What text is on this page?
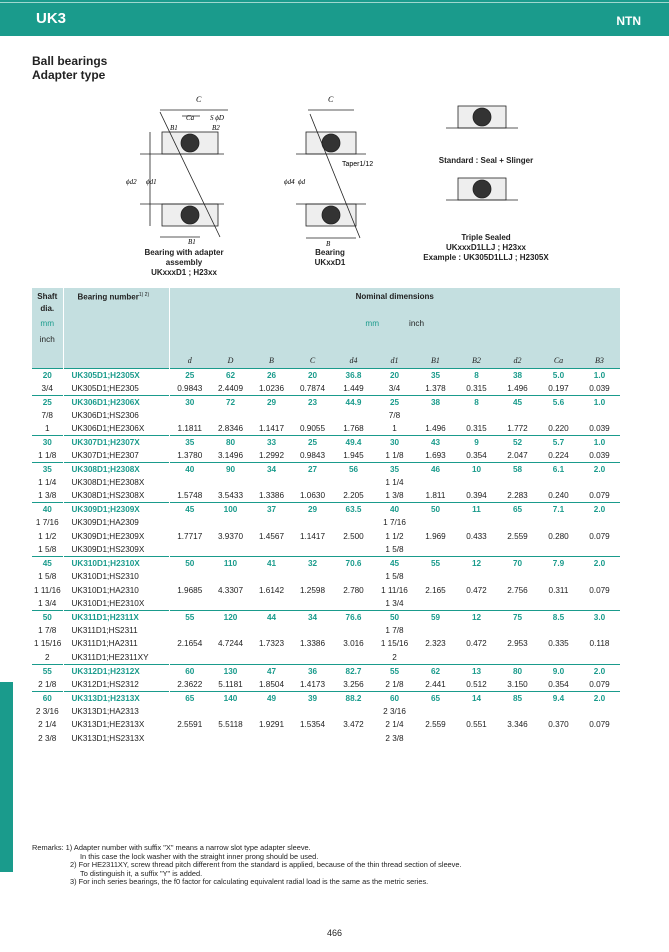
UK3	NTN
Ball bearings
Adapter type
C
Ca S ϕD
B1	B2
ϕd2 ϕd1
B1
C
B
ϕd4 ϕd
Taper1/12
Bearing with adapter assembly
UKxxxD1 ; H23xx
Bearing
UKxxD1
Standard : Seal + Slinger
Triple Sealed
UKxxxD1LLJ ; H23xx
Example : UK305D1LLJ ; H2305X
Shaft	Bearing number$^{1) 2)}$	Nominal dimensions										
dia.												
mm		mm inch										
inch												
		d	D	B	C	d4	d1	B1	B2	d2	Ca	B3
20	UK305D1;H2305X	25	62	26	20	36.8	20	35	8	38	5.0	1.0
3/4	UK305D1;HE2305	0.9843	2.4409	1.0236	0.7874	1.449	3/4	1.378	0.315	1.496	0.197	0.039
25	UK306D1;H2306X	30	72	29	23	44.9	25	38	8	45	5.6	1.0
7/8	UK306D1;HS2306						7/8					
1	UK306D1;HE2306X	1.1811	2.8346	1.1417	0.9055	1.768	1	1.496	0.315	1.772	0.220	0.039
30	UK307D1;H2307X	35	80	33	25	49.4	30	43	9	52	5.7	1.0
1 1/8	UK307D1;HE2307	1.3780	3.1496	1.2992	0.9843	1.945	1 1/8	1.693	0.354	2.047	0.224	0.039
35	UK308D1;H2308X	40	90	34	27	56	35	46	10	58	6.1	2.0
1 1/4	UK308D1;HE2308X						1 1/4					
1 3/8	UK308D1;HS2308X	1.5748	3.5433	1.3386	1.0630	2.205	1 3/8	1.811	0.394	2.283	0.240	0.079
40	UK309D1;H2309X	45	100	37	29	63.5	40	50	11	65	7.1	2.0
1 7/16	UK309D1;HA2309						1 7/16					
1 1/2	UK309D1;HE2309X	1.7717	3.9370	1.4567	1.1417	2.500	1 1/2	1.969	0.433	2.559	0.280	0.079
1 5/8	UK309D1;HS2309X						1 5/8					
45	UK310D1;H2310X	50	110	41	32	70.6	45	55	12	70	7.9	2.0
1 5/8	UK310D1;HS2310						1 5/8					
1 11/16	UK310D1;HA2310	1.9685	4.3307	1.6142	1.2598	2.780	1 11/16	2.165	0.472	2.756	0.311	0.079
1 3/4	UK310D1;HE2310X						1 3/4					
50	UK311D1;H2311X	55	120	44	34	76.6	50	59	12	75	8.5	3.0
1 7/8	UK311D1;HS2311						1 7/8					
1 15/16	UK311D1;HA2311	2.1654	4.7244	1.7323	1.3386	3.016	1 15/16	2.323	0.472	2.953	0.335	0.118
2	UK311D1;HE2311XY						2					
55	UK312D1;H2312X	60	130	47	36	82.7	55	62	13	80	9.0	2.0
2 1/8	UK312D1;HS2312	2.3622	5.1181	1.8504	1.4173	3.256	2 1/8	2.441	0.512	3.150	0.354	0.079
60	UK313D1;H2313X	65	140	49	39	88.2	60	65	14	85	9.4	2.0
2 3/16	UK313D1;HA2313						2 3/16					
2 1/4	UK313D1;HE2313X	2.5591	5.5118	1.9291	1.5354	3.472	2 1/4	2.559	0.551	3.346	0.370	0.079
2 3/8	UK313D1;HS2313X						2 3/8					
Remarks: 1) Adapter number with suffix "X" means a narrow slot type adapter sleeve.
In this case the lock washer with the straight inner prong should be used.
2) For HE2311XY, screw thread pitch different from the standard is applied, because of the thin thread section of sleeve.
To distinguish it, a suffix "Y" is added.
3) For inch series bearings, the f0 factor for calculating equivalent radial load is the same as the metric series.
466
